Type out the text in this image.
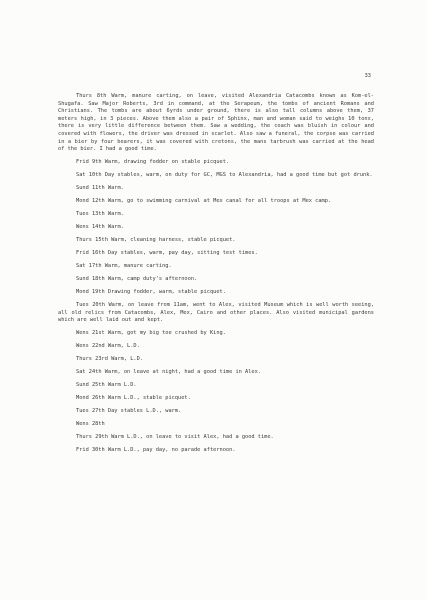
33

Thurs 8th Warm, manure carting, on leave, visited Alexandria Catacombs known as Kom-el-Shugafa. Saw Major Roberts, 3rd in command, at the Serapeum, the tombs of ancient Romans and Christians. The tombs are about 6yrds under ground, there is also tall columns above them, 37 meters high, in 3 pieces. Above them also a pair of Sphinx, man and woman said to weighs 10 tons, there is very little difference between them. Saw a wedding, the coach was bluish in colour and covered with flowers, the driver was dressed in scarlet. Also saw a funeral, the corpse was carried in a bier by four bearers, it was covered with cretons, the mans tarbrush was carried at the head of the bier. I had a good time.

Frid 9th Warm, drawing fodder on stable picquet.

Sat 10th Day stables, warm, on duty for GC, MGS to Alexandria, had a good time but got drunk.

Sund 11th Warm.

Mond 12th Warm, go to swimming carnival at Mex canal for all troops at Mex camp.

Tues 13th Warm.

Wens 14th Warm.

Thurs 15th Warm, cleaning harness, stable picquet.

Frid 16th Day stables, warm, pay day, sitting test times.

Sat 17th Warm, manure carting.

Sund 18th Warm, camp duty's afternoon.

Mond 19th Drawing fodder, warm, stable picquet.

Tues 20th Warm, on leave from 11am, went to Alex, visited Museum which is well worth seeing, all old relics from Catacombs, Alex, Mex, Cairo and other places. Also visited municipal gardens which are well laid out and kept.

Wens 21st Warm, got my big toe crushed by King.

Wens 22nd Warm, L.D.

Thurs 23rd Warm, L.D.

Sat 24th Warm, on leave at night, had a good time in Alex.

Sund 25th Warm L.D.

Mond 26th Warm L.D., stable picquet.

Tues 27th Day stables L.D., warm.

Wens 28th

Thurs 29th Warm L.D., on leave to visit Alex, had a good time.

Frid 30th Warm L.D., pay day, no parade afternoon.
